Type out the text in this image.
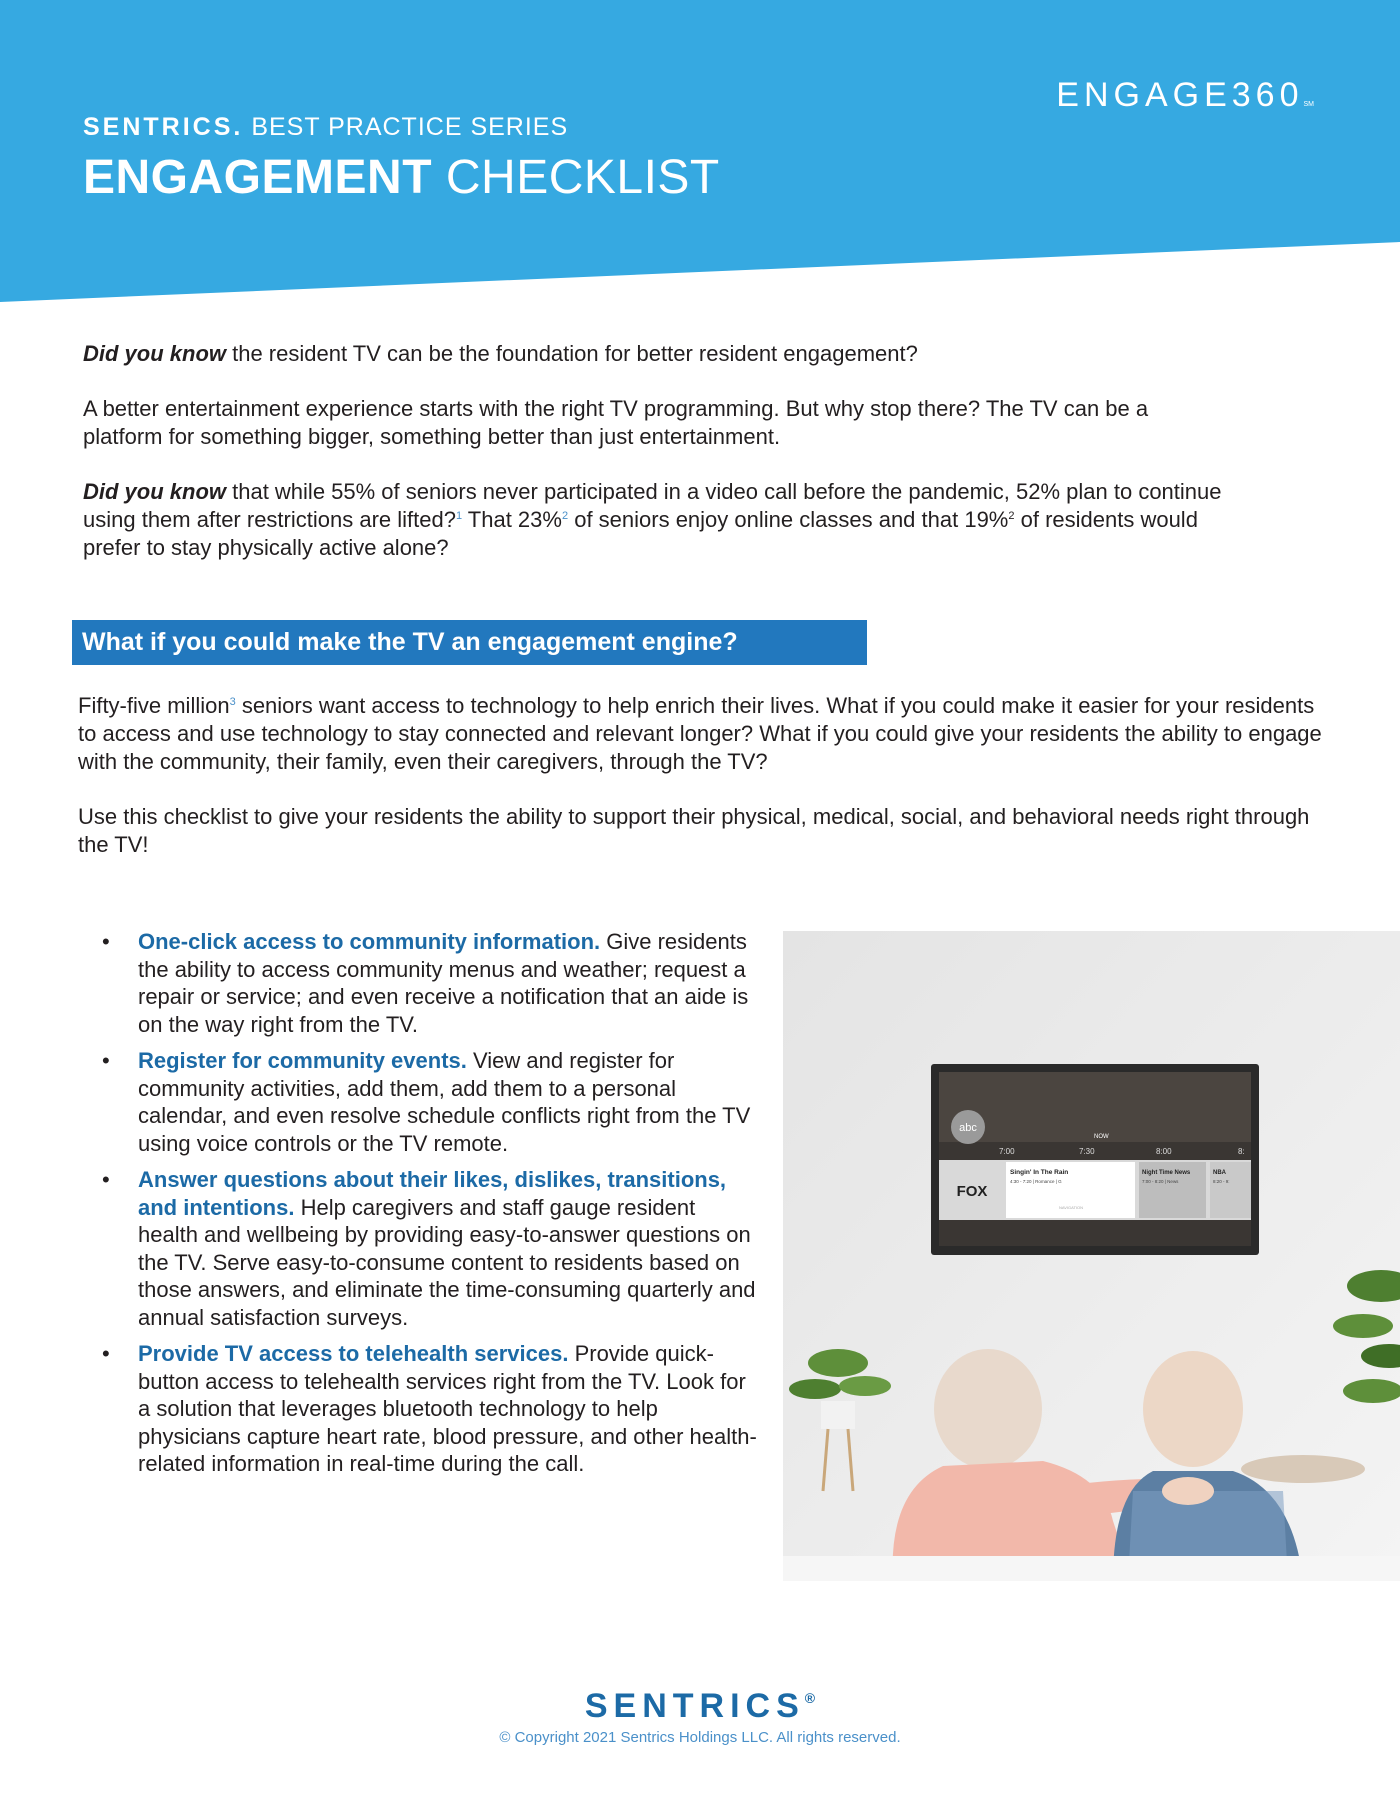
ENGAGE360SM
SENTRICS. BEST PRACTICE SERIES
ENGAGEMENT CHECKLIST

Did you know the resident TV can be the foundation for better resident engagement?

A better entertainment experience starts with the right TV programming. But why stop there? The TV can be a platform for something bigger, something better than just entertainment.

Did you know that while 55% of seniors never participated in a video call before the pandemic, 52% plan to continue using them after restrictions are lifted?$^1$ That 23%$^2$ of seniors enjoy online classes and that 19%$^2$ of residents would prefer to stay physically active alone?

What if you could make the TV an engagement engine?

Fifty-five million$^3$ seniors want access to technology to help enrich their lives. What if you could make it easier for your residents to access and use technology to stay connected and relevant longer? What if you could give your residents the ability to engage with the community, their family, even their caregivers, through the TV?

Use this checklist to give your residents the ability to support their physical, medical, social, and behavioral needs right through the TV!

• One-click access to community information. Give residents the ability to access community menus and weather; request a repair or service; and even receive a notification that an aide is on the way right from the TV.
• Register for community events. View and register for community activities, add them, add them to a personal calendar, and even resolve schedule conflicts right from the TV using voice controls or the TV remote.
• Answer questions about their likes, dislikes, transitions, and intentions. Help caregivers and staff gauge resident health and wellbeing by providing easy-to-answer questions on the TV. Serve easy-to-consume content to residents based on those answers, and eliminate the time-consuming quarterly and annual satisfaction surveys.
• Provide TV access to telehealth services. Provide quick-button access to telehealth services right from the TV. Look for a solution that leverages bluetooth technology to help physicians capture heart rate, blood pressure, and other health-related information in real-time during the call.
abc
NOW
7:00	7:30	8:00	8:
FOX
Singin' In The Rain
4:30 - 7:20 | Romance | G
Night Time News
7:00 - 8:20 | News
NBA
8:20 - 9:
NAVIGATION
SENTRICS®
© Copyright 2021 Sentrics Holdings LLC. All rights reserved.
